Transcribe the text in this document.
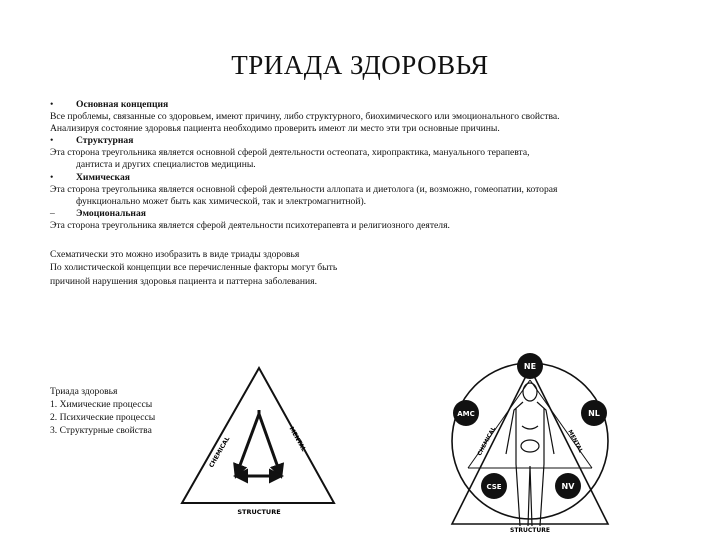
ТРИАДА ЗДОРОВЬЯ
• Основная концепция
Все проблемы, связанные со здоровьем, имеют причину, либо структурного, биохимического или эмоционального свойства.
Анализируя состояние здоровья пациента необходимо проверить имеют ли место эти три основные причины.
• Структурная
Эта сторона треугольника является основной сферой деятельности остеопата, хиропрактика, мануального терапевта,
дантиста и других специалистов медицины.
• Химическая
Эта сторона треугольника является основной сферой деятельности аллопата и диетолога (и, возможно, гомеопатии, которая
функционально может быть как химической, так и электромагнитной).
– Эмоциональная
Эта сторона треугольника является сферой деятельности психотерапевта и религиозного деятеля.
Схематически это можно изобразить в виде триады здоровья
По холистической концепции все перечисленные факторы могут быть
причиной нарушения здоровья пациента и паттерна заболевания.
Триада здоровья
1. Химические процессы
2. Психические процессы
3. Структурные свойства
CHEMICAL	MENTAL
STRUCTURE
NE
AMC	NL
CSE	NV
CHEMICAL	MENTAL
STRUCTURE
